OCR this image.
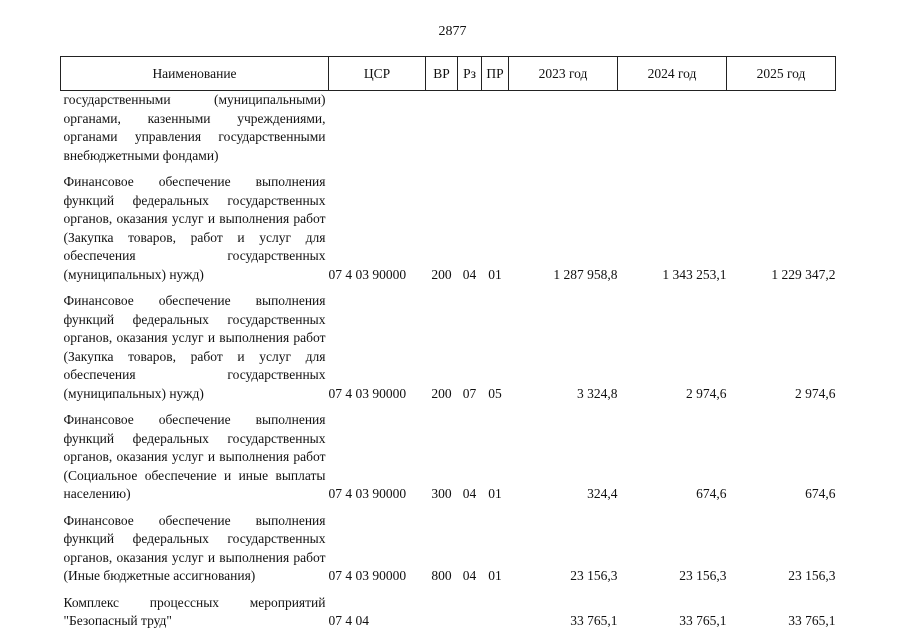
2877
Наименование	ЦСР	ВР	Рз	ПР	2023 год	2024 год	2025 год
государственными (муниципальными) органами, казенными учреждениями, органами управления государственными внебюджетными фондами)							

Финансовое обеспечение выполнения функций федеральных государственных органов, оказания услуг и выполнения работ (Закупка товаров, работ и услуг для обеспечения государственных (муниципальных) нужд)	07 4 03 90000	200	04	01	1 287 958,8	1 343 253,1	1 229 347,2

Финансовое обеспечение выполнения функций федеральных государственных органов, оказания услуг и выполнения работ (Закупка товаров, работ и услуг для обеспечения государственных (муниципальных) нужд)	07 4 03 90000	200	07	05	3 324,8	2 974,6	2 974,6

Финансовое обеспечение выполнения функций федеральных государственных органов, оказания услуг и выполнения работ (Социальное обеспечение и иные выплаты населению)	07 4 03 90000	300	04	01	324,4	674,6	674,6

Финансовое обеспечение выполнения функций федеральных государственных органов, оказания услуг и выполнения работ (Иные бюджетные ассигнования)	07 4 03 90000	800	04	01	23 156,3	23 156,3	23 156,3

Комплекс процессных мероприятий "Безопасный труд"	07 4 04				33 765,1	33 765,1	33 765,1
